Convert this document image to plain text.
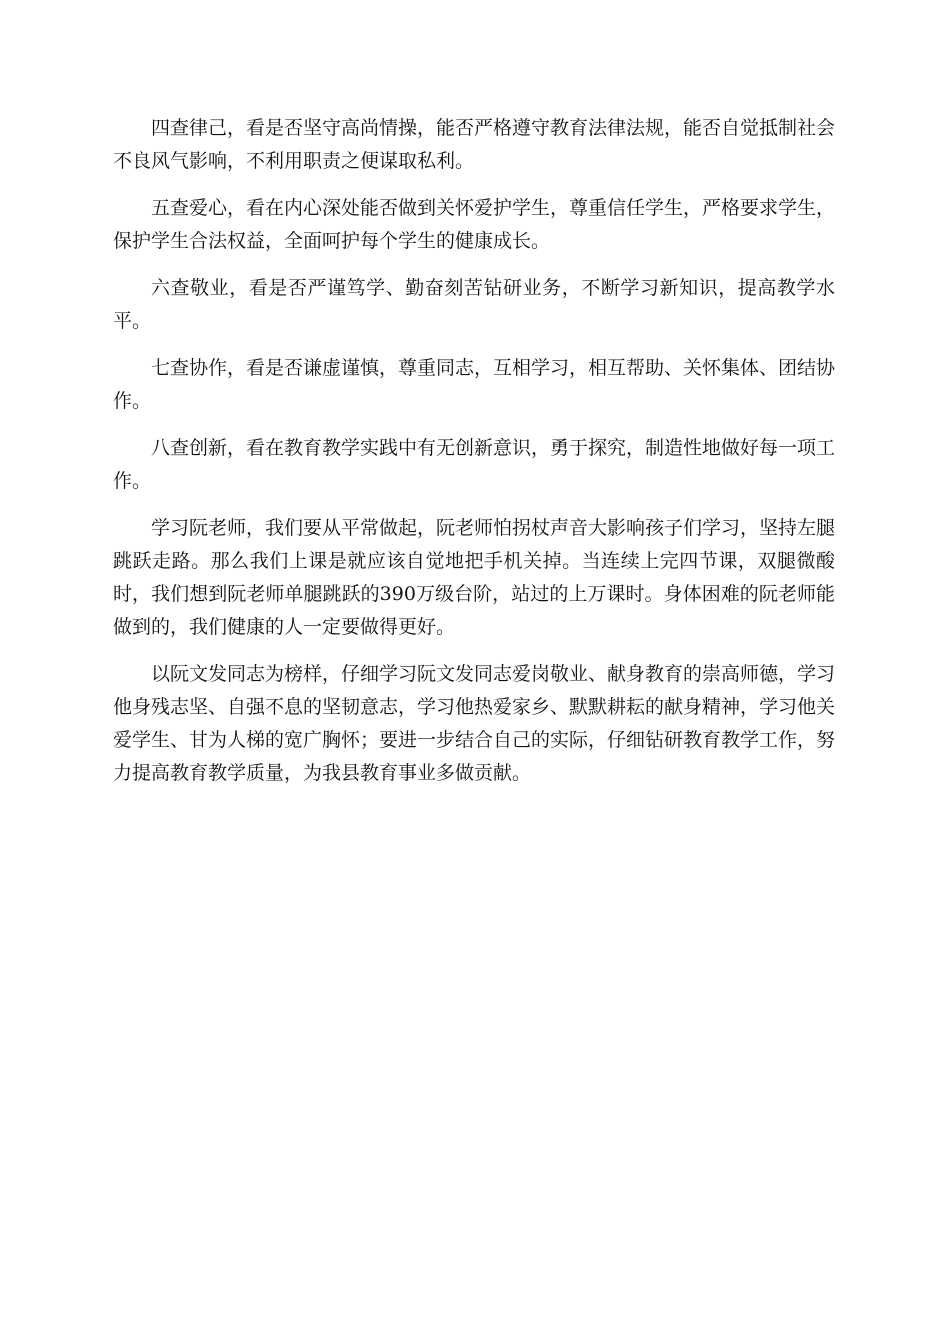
四查律己，看是否坚守高尚情操，能否严格遵守教育法律法规，能否自觉抵制社会不良风气影响，不利用职责之便谋取私利。

五查爱心，看在内心深处能否做到关怀爱护学生，尊重信任学生，严格要求学生，保护学生合法权益，全面呵护每个学生的健康成长。

六查敬业，看是否严谨笃学、勤奋刻苦钻研业务，不断学习新知识，提高教学水平。

七查协作，看是否谦虚谨慎，尊重同志，互相学习，相互帮助、关怀集体、团结协作。

八查创新，看在教育教学实践中有无创新意识，勇于探究，制造性地做好每一项工作。

学习阮老师，我们要从平常做起，阮老师怕拐杖声音大影响孩子们学习，坚持左腿跳跃走路。那么我们上课是就应该自觉地把手机关掉。当连续上完四节课，双腿微酸时，我们想到阮老师单腿跳跃的390万级台阶，站过的上万课时。身体困难的阮老师能做到的，我们健康的人一定要做得更好。

以阮文发同志为榜样，仔细学习阮文发同志爱岗敬业、献身教育的崇高师德，学习他身残志坚、自强不息的坚韧意志，学习他热爱家乡、默默耕耘的献身精神，学习他关爱学生、甘为人梯的宽广胸怀；要进一步结合自己的实际，仔细钻研教育教学工作，努力提高教育教学质量，为我县教育事业多做贡献。
